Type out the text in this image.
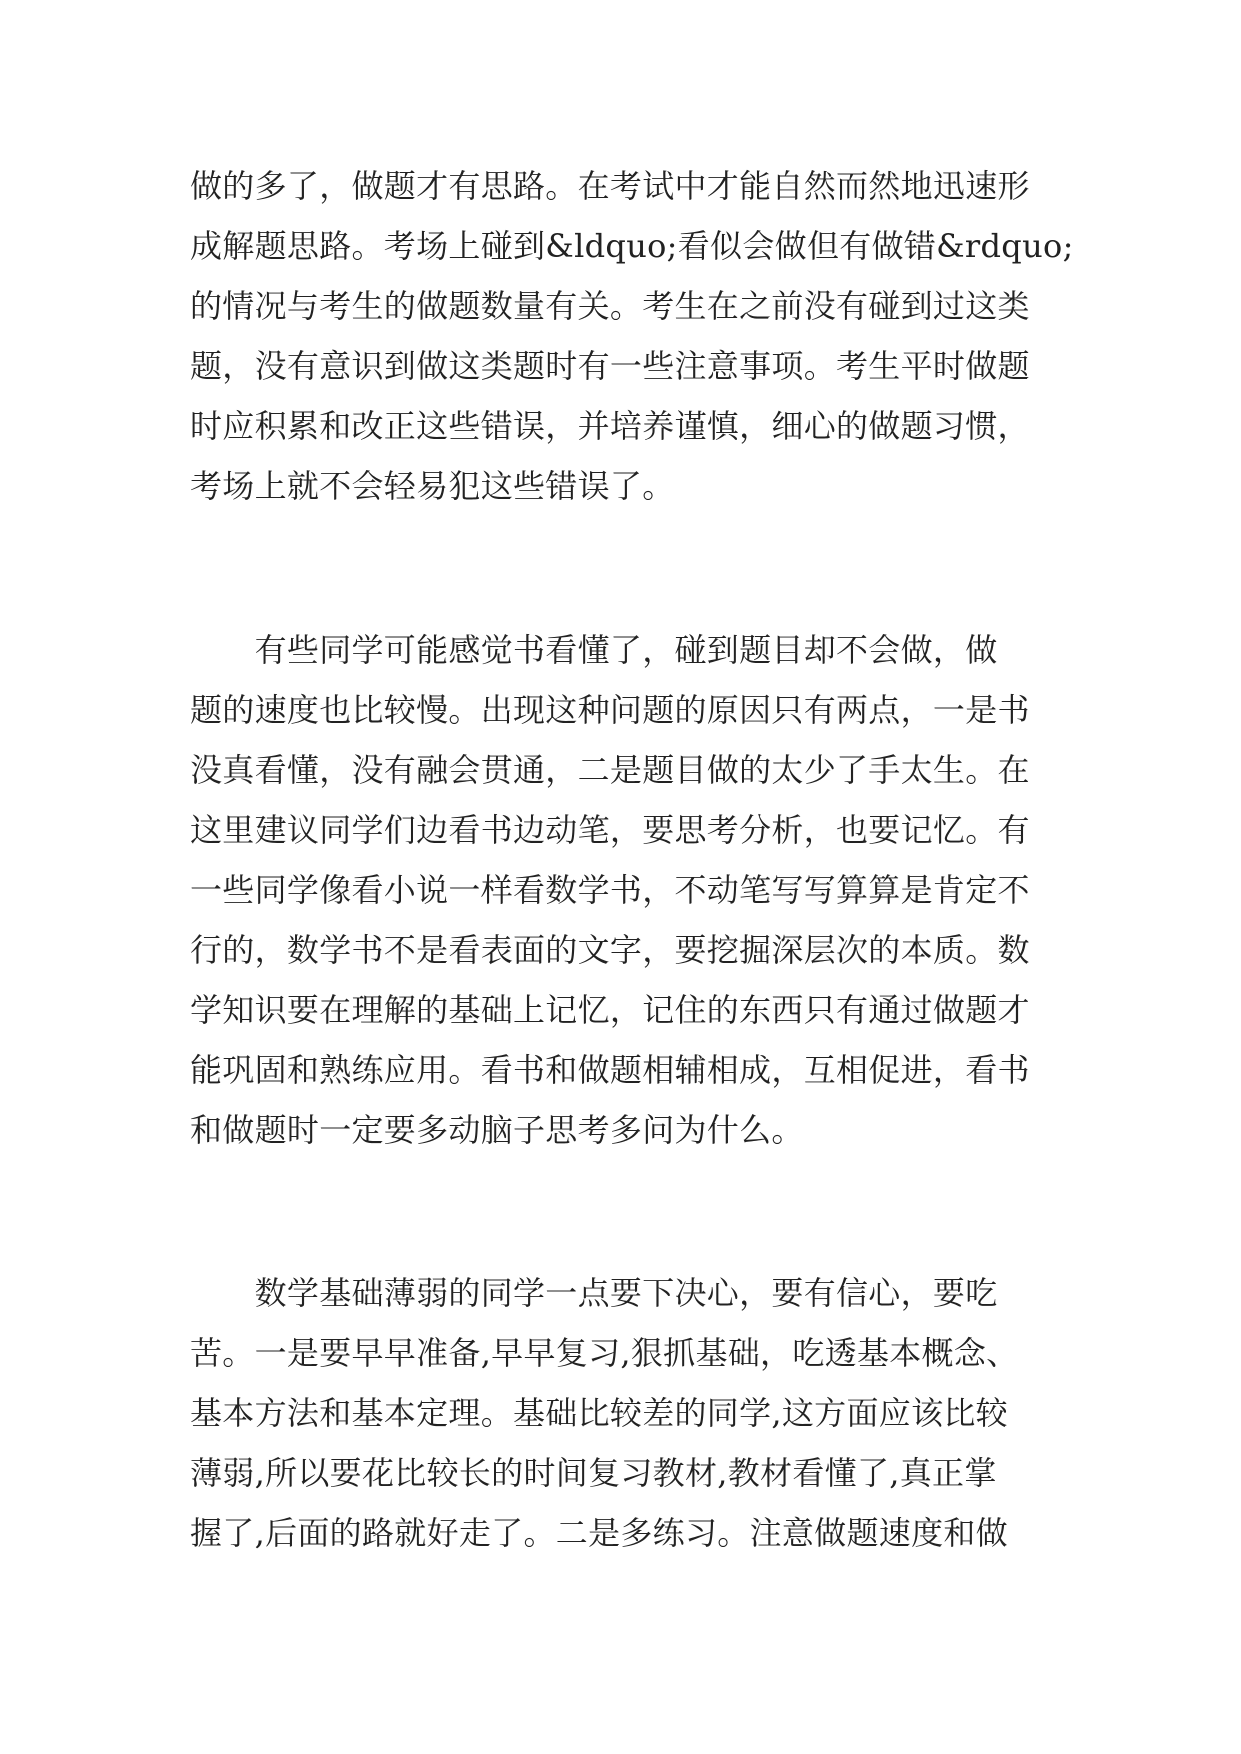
做的多了，做题才有思路。在考试中才能自然而然地迅速形
成解题思路。考场上碰到&ldquo;看似会做但有做错&rdquo;
的情况与考生的做题数量有关。考生在之前没有碰到过这类
题，没有意识到做这类题时有一些注意事项。考生平时做题
时应积累和改正这些错误，并培养谨慎，细心的做题习惯，
考场上就不会轻易犯这些错误了。
　　有些同学可能感觉书看懂了，碰到题目却不会做，做
题的速度也比较慢。出现这种问题的原因只有两点，一是书
没真看懂，没有融会贯通，二是题目做的太少了手太生。在
这里建议同学们边看书边动笔，要思考分析，也要记忆。有
一些同学像看小说一样看数学书，不动笔写写算算是肯定不
行的，数学书不是看表面的文字，要挖掘深层次的本质。数
学知识要在理解的基础上记忆，记住的东西只有通过做题才
能巩固和熟练应用。看书和做题相辅相成，互相促进，看书
和做题时一定要多动脑子思考多问为什么。
　　数学基础薄弱的同学一点要下决心，要有信心，要吃
苦。一是要早早准备,早早复习,狠抓基础，吃透基本概念、
基本方法和基本定理。基础比较差的同学,这方面应该比较
薄弱,所以要花比较长的时间复习教材,教材看懂了,真正掌
握了,后面的路就好走了。二是多练习。注意做题速度和做
